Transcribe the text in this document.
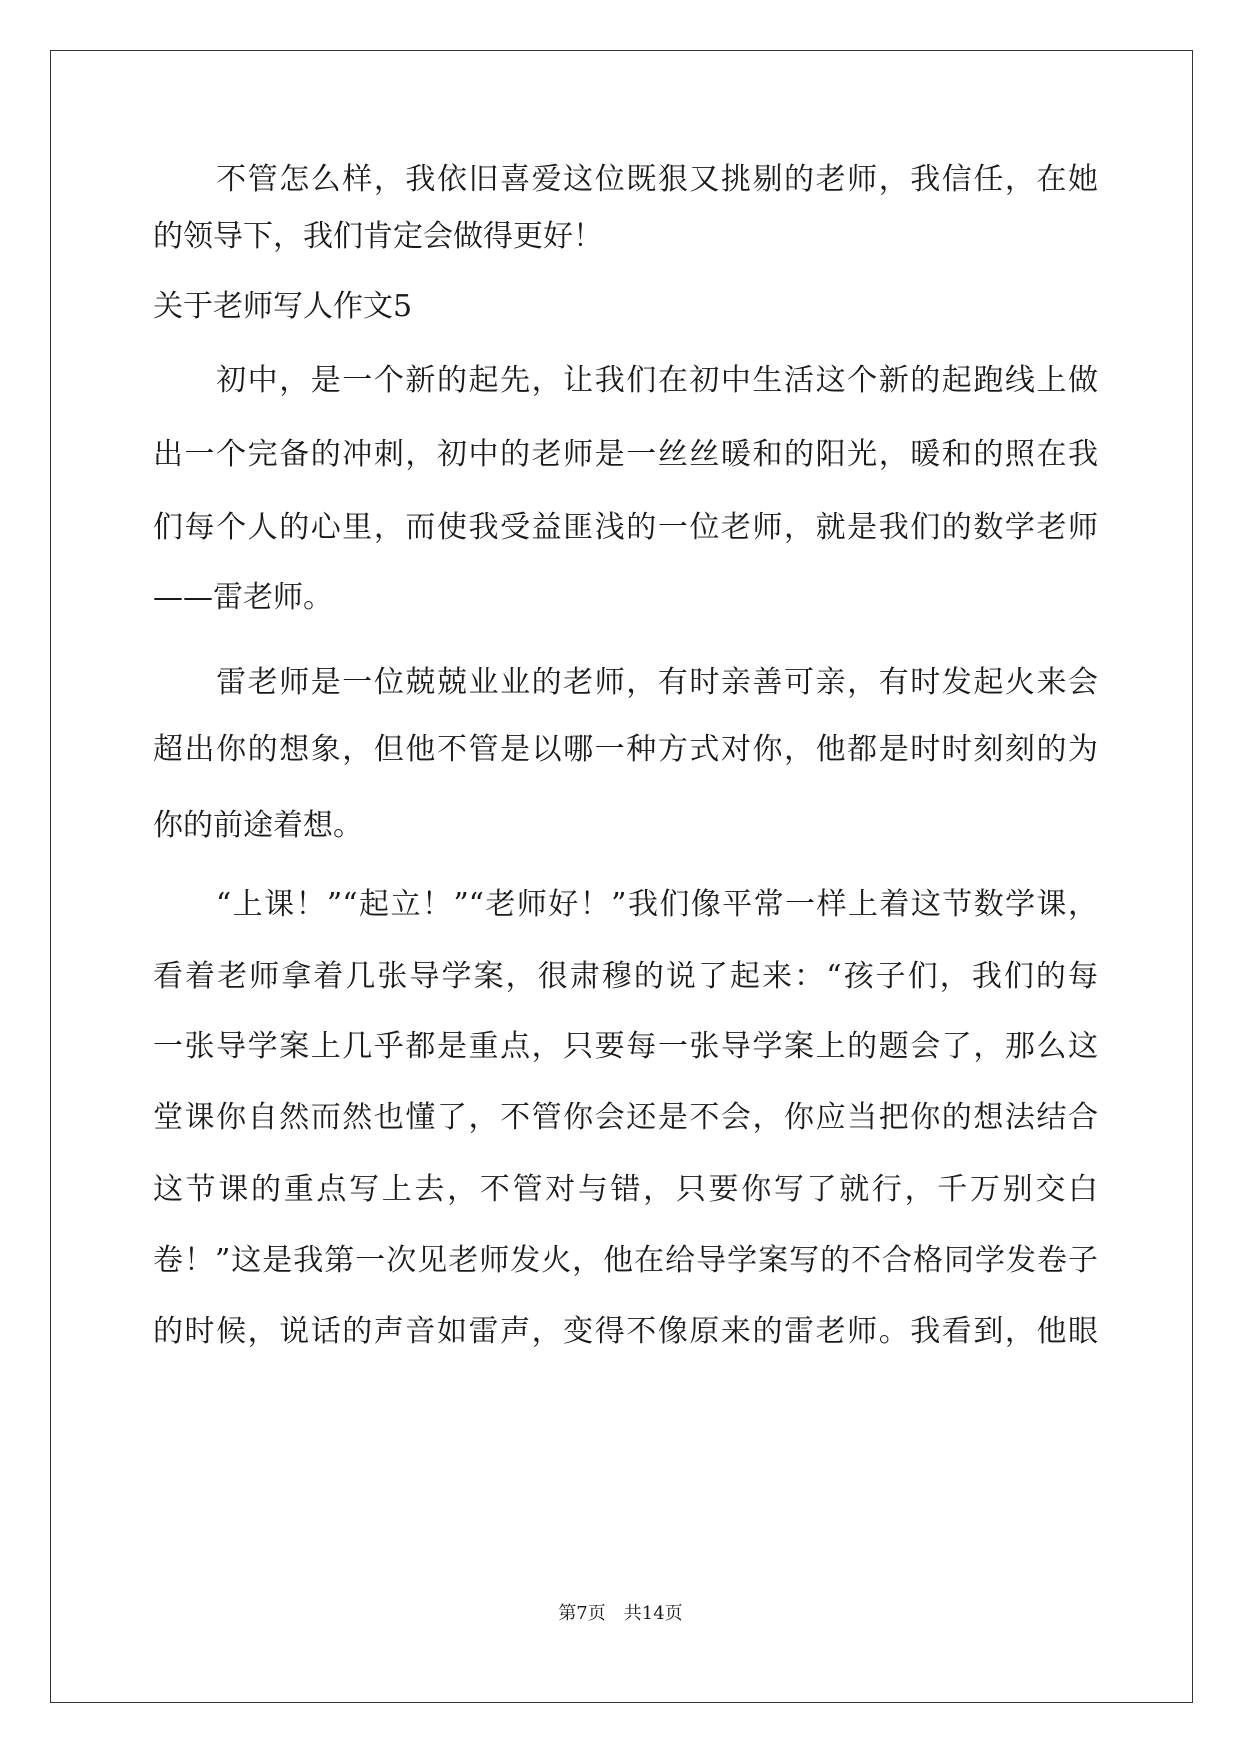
　　不管怎么样，我依旧喜爱这位既狠又挑剔的老师，我信任，在她
的领导下，我们肯定会做得更好！
关于老师写人作文5
　　初中，是一个新的起先，让我们在初中生活这个新的起跑线上做
出一个完备的冲刺，初中的老师是一丝丝暖和的阳光，暖和的照在我
们每个人的心里，而使我受益匪浅的一位老师，就是我们的数学老师
——雷老师。
　　雷老师是一位兢兢业业的老师，有时亲善可亲，有时发起火来会
超出你的想象，但他不管是以哪一种方式对你，他都是时时刻刻的为
你的前途着想。
　　“上课！”“起立！”“老师好！”我们像平常一样上着这节数学课，
看着老师拿着几张导学案，很肃穆的说了起来：“孩子们，我们的每
一张导学案上几乎都是重点，只要每一张导学案上的题会了，那么这
堂课你自然而然也懂了，不管你会还是不会，你应当把你的想法结合
这节课的重点写上去，不管对与错，只要你写了就行，千万别交白
卷！”这是我第一次见老师发火，他在给导学案写的不合格同学发卷子
的时候，说话的声音如雷声，变得不像原来的雷老师。我看到，他眼
第7页　共14页
